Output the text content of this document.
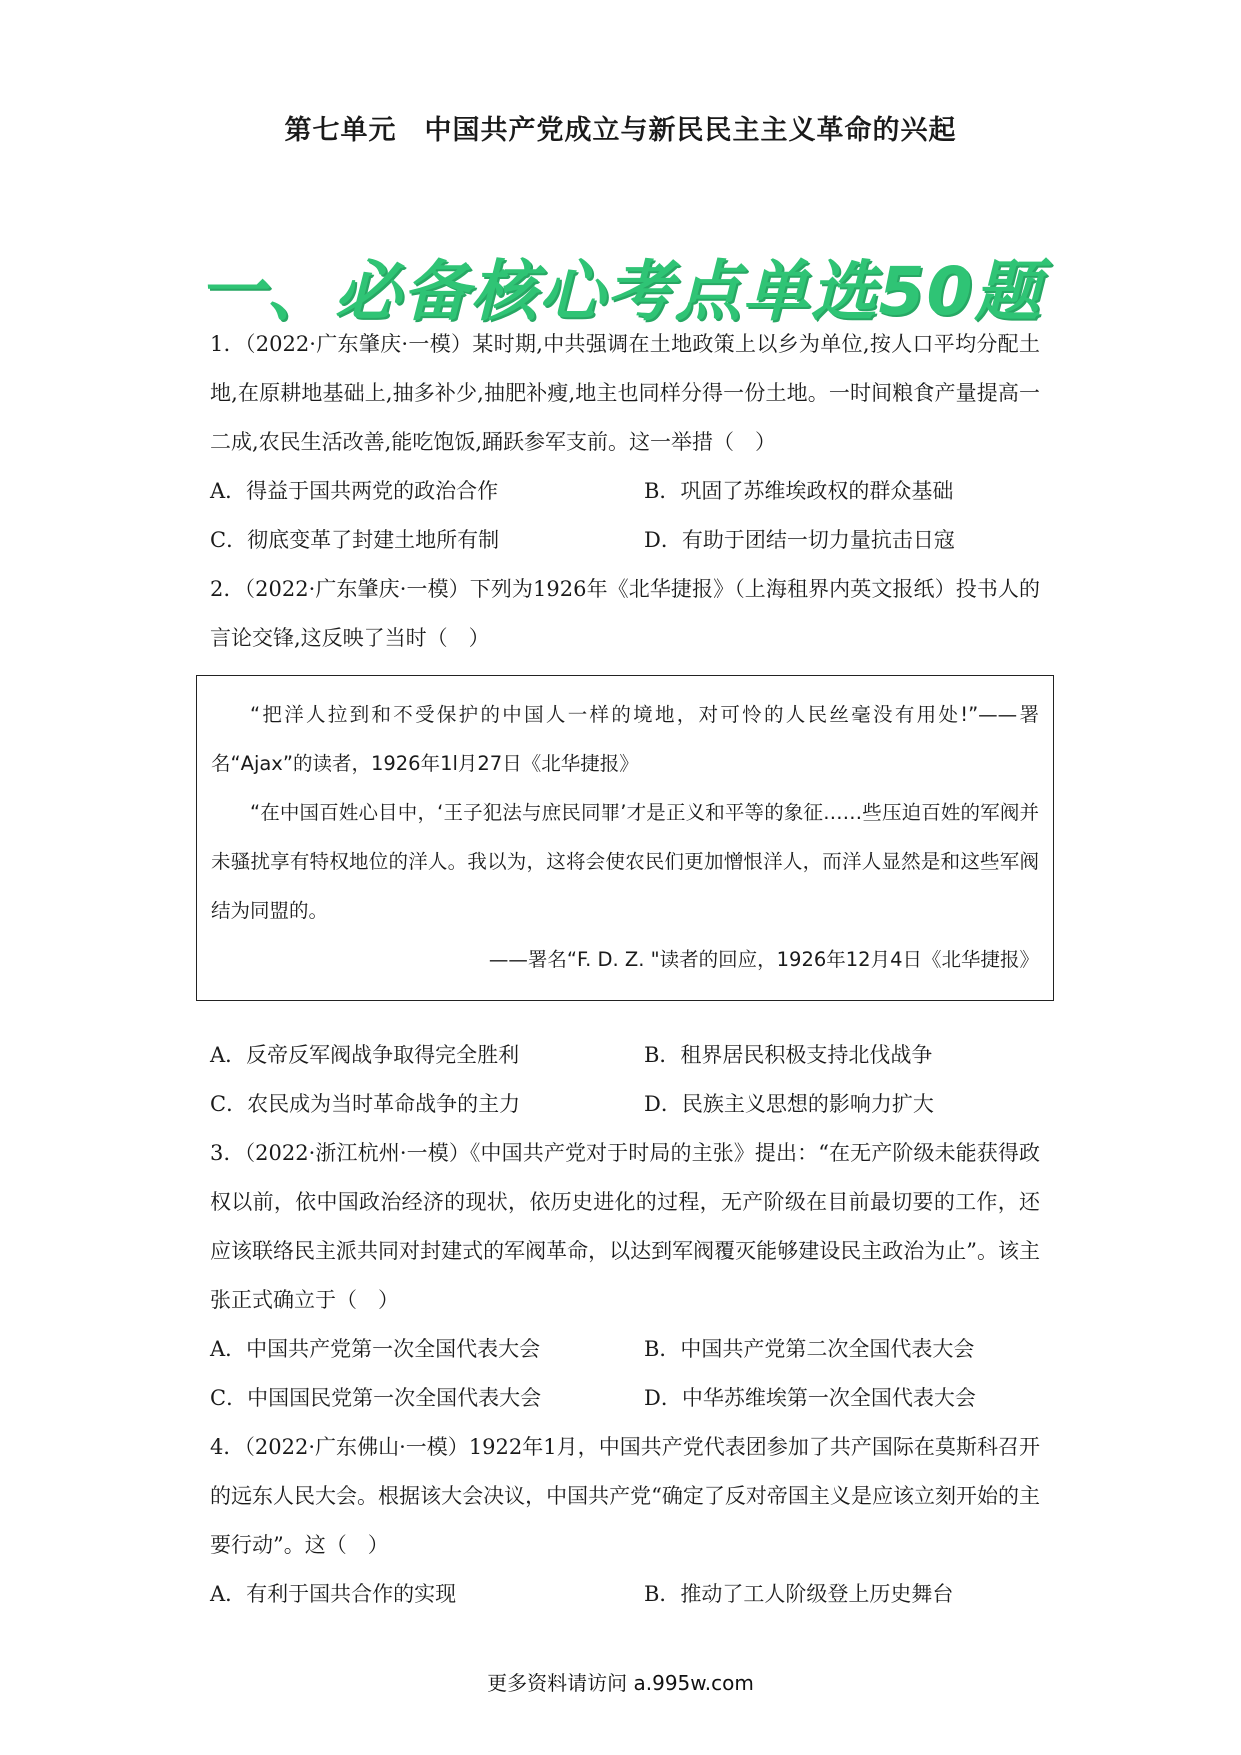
第七单元　中国共产党成立与新民民主主义革命的兴起
一、必备核心考点单选50题
1．（2022·广东肇庆·一模）某时期,中共强调在土地政策上以乡为单位,按人口平均分配土地,在原耕地基础上,抽多补少,抽肥补瘦,地主也同样分得一份土地。一时间粮食产量提高一二成,农民生活改善,能吃饱饭,踊跃参军支前。这一举措（　）
A．得益于国共两党的政治合作	B．巩固了苏维埃政权的群众基础
C．彻底变革了封建土地所有制	D．有助于团结一切力量抗击日寇
2．（2022·广东肇庆·一模）下列为1926年《北华捷报》（上海租界内英文报纸）投书人的言论交锋,这反映了当时（　）
“把洋人拉到和不受保护的中国人一样的境地，对可怜的人民丝毫没有用处!”——署名“Ajax”的读者，1926年1l月27日《北华捷报》
“在中国百姓心目中，‘王子犯法与庶民同罪’才是正义和平等的象征……些压迫百姓的军阀并未骚扰享有特权地位的洋人。我以为，这将会使农民们更加憎恨洋人，而洋人显然是和这些军阀结为同盟的。
——署名“F. D. Z. "读者的回应，1926年12月4日《北华捷报》
A．反帝反军阀战争取得完全胜利	B．租界居民积极支持北伐战争
C．农民成为当时革命战争的主力	D．民族主义思想的影响力扩大
3．（2022·浙江杭州·一模）《中国共产党对于时局的主张》提出：“在无产阶级未能获得政权以前，依中国政治经济的现状，依历史进化的过程，无产阶级在目前最切要的工作，还应该联络民主派共同对封建式的军阀革命，以达到军阀覆灭能够建设民主政治为止”。该主张正式确立于（　）
A．中国共产党第一次全国代表大会	B．中国共产党第二次全国代表大会
C．中国国民党第一次全国代表大会	D．中华苏维埃第一次全国代表大会
4．（2022·广东佛山·一模）1922年1月，中国共产党代表团参加了共产国际在莫斯科召开的远东人民大会。根据该大会决议，中国共产党“确定了反对帝国主义是应该立刻开始的主要行动”。这（　）
A．有利于国共合作的实现	B．推动了工人阶级登上历史舞台
更多资料请访问 a.995w.com
